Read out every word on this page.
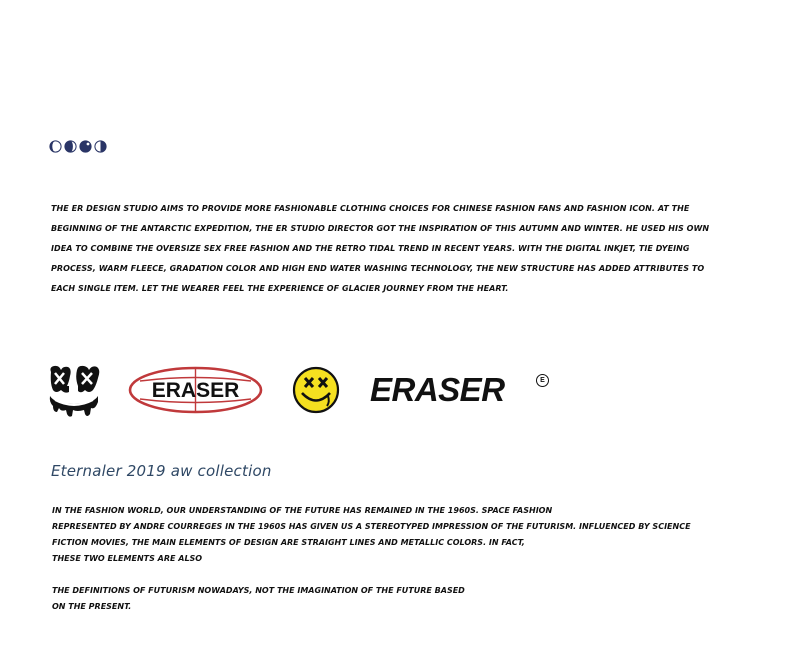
THE ER DESIGN STUDIO AIMS TO PROVIDE MORE FASHIONABLE CLOTHING CHOICES FOR CHINESE FASHION FANS AND FASHION ICON. AT THE BEGINNING OF THE ANTARCTIC EXPEDITION, THE ER STUDIO DIRECTOR GOT THE INSPIRATION OF THIS AUTUMN AND WINTER. HE USED HIS OWN IDEA TO COMBINE THE OVERSIZE SEX FREE FASHION AND THE RETRO TIDAL TREND IN RECENT YEARS. WITH THE DIGITAL INKJET, TIE DYEING PROCESS, WARM FLEECE, GRADATION COLOR AND HIGH END WATER WASHING TECHNOLOGY, THE NEW STRUCTURE HAS ADDED ATTRIBUTES TO EACH SINGLE ITEM. LET THE WEARER FEEL THE EXPERIENCE OF GLACIER JOURNEY FROM THE HEART.

ERASER	ERASER	E
Eternaler 2019 aw collection

IN THE FASHION WORLD, OUR UNDERSTANDING OF THE FUTURE HAS REMAINED IN THE 1960S. SPACE FASHION
REPRESENTED BY ANDRE COURREGES IN THE 1960S HAS GIVEN US A STEREOTYPED IMPRESSION OF THE FUTURISM. INFLUENCED BY SCIENCE
FICTION MOVIES, THE MAIN ELEMENTS OF DESIGN ARE STRAIGHT LINES AND METALLIC COLORS. IN FACT,
THESE TWO ELEMENTS ARE ALSO

THE DEFINITIONS OF FUTURISM NOWADAYS, NOT THE IMAGINATION OF THE FUTURE BASED
ON THE PRESENT.
